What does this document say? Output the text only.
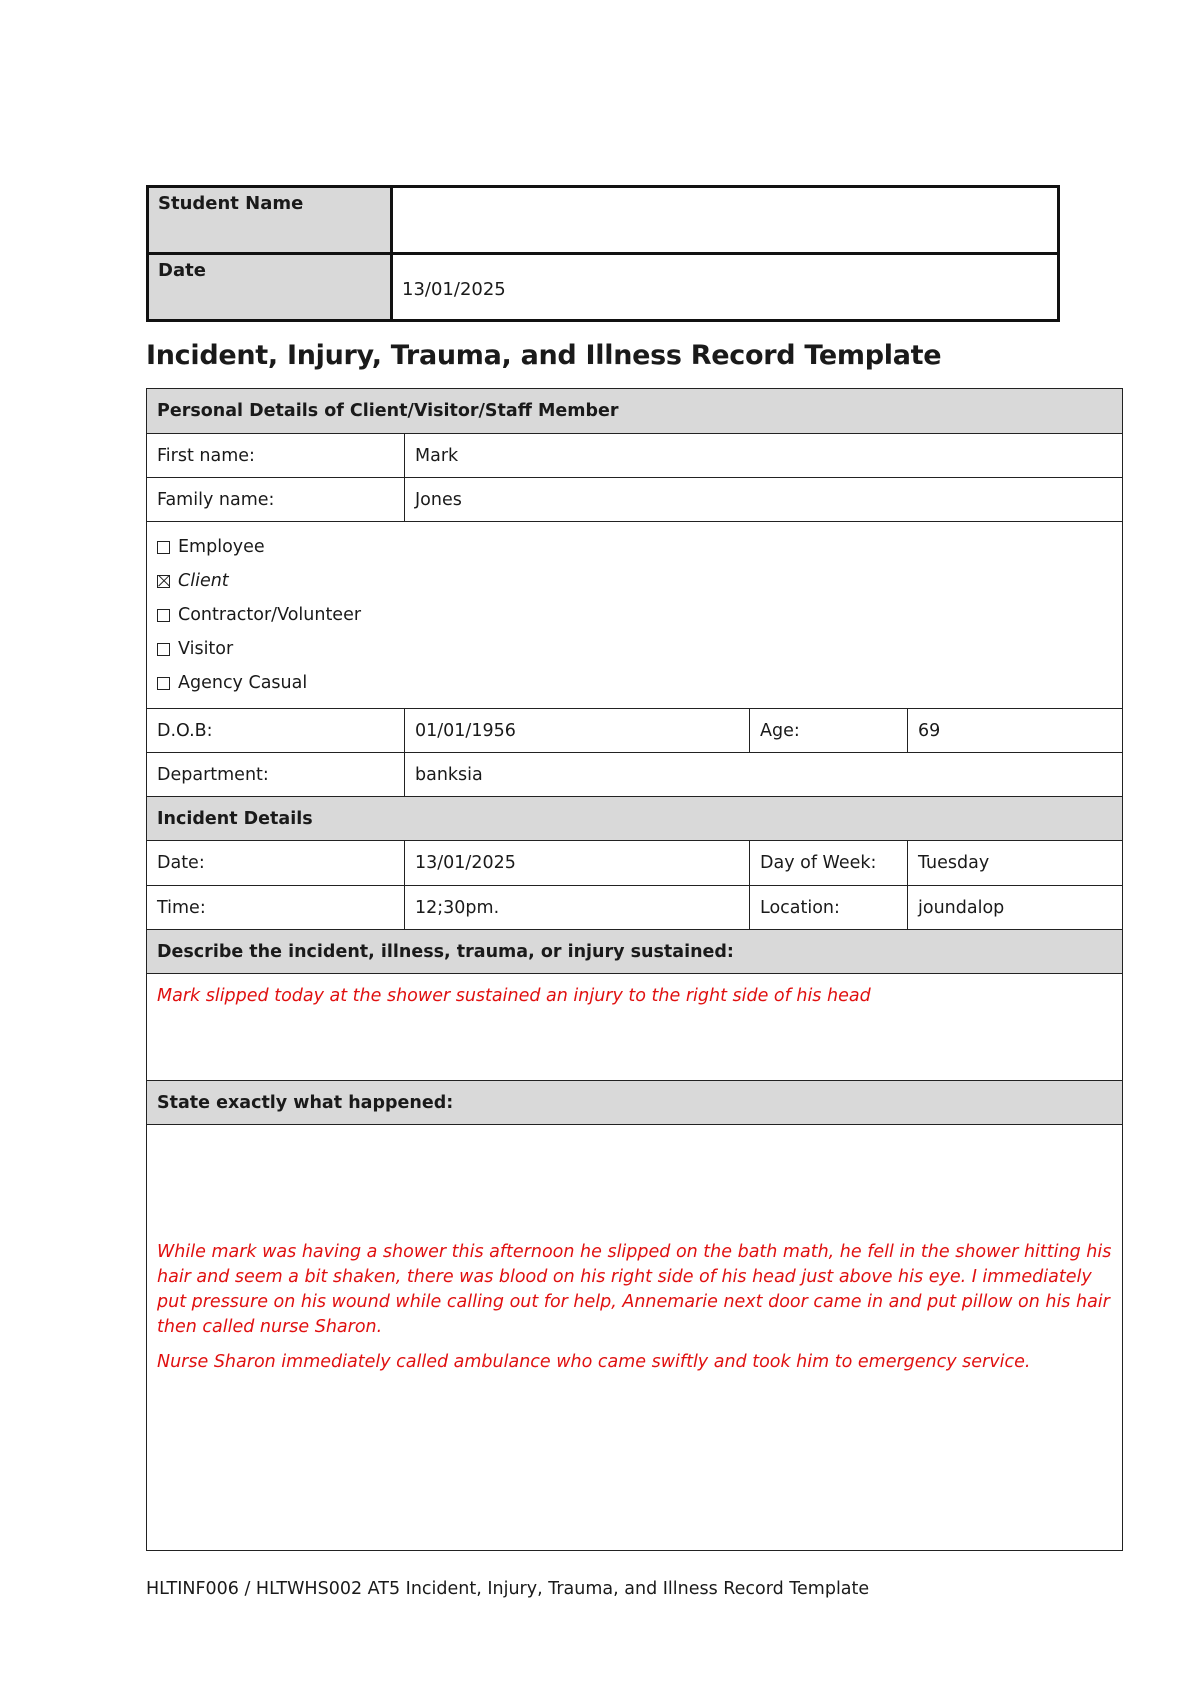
Student Name	
Date	13/01/2025
Incident, Injury, Trauma, and Illness Record Template
Personal Details of Client/Visitor/Staff Member			
First name:	Mark		
Family name:	Jones		

Employee
Client
Contractor/Volunteer
Visitor
Agency Casual			

D.O.B:	01/01/1956	Age:	69
Department:	banksia		
Incident Details			
Date:	13/01/2025	Day of Week:	Tuesday
Time:	12;30pm.	Location:	joundalop
Describe the incident, illness, trauma, or injury sustained:			

Mark slipped today at the shower sustained an injury to the right side of his head			

State exactly what happened:			

While mark was having a shower this afternoon he slipped on the bath math, he fell in the shower hitting his hair and seem a bit shaken, there was blood on his right side of his head just above his eye. I immediately put pressure on his wound while calling out for help, Annemarie next door came in and put pillow on his hair then called nurse Sharon.

Nurse Sharon immediately called ambulance who came swiftly and took him to emergency service.			

HLTINF006 / HLTWHS002 AT5 Incident, Injury, Trauma, and Illness Record Template
